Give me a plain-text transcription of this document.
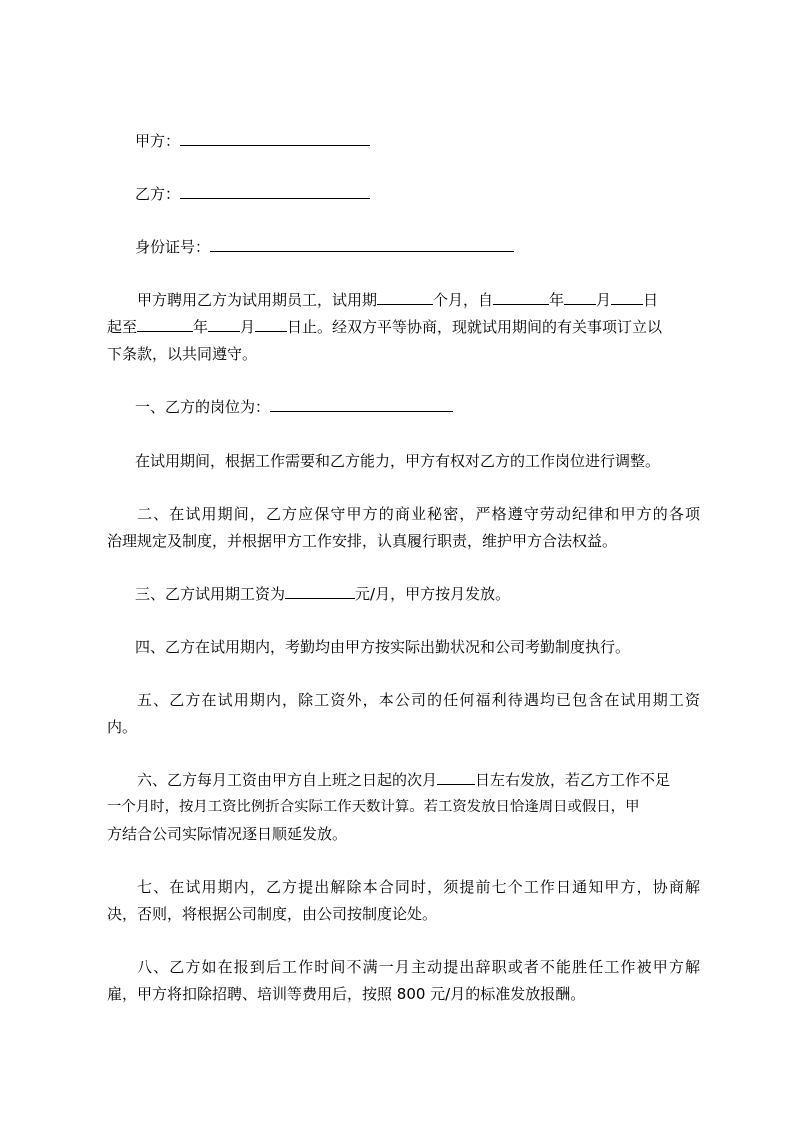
甲方：
乙方：
身份证号：
甲方聘用乙方为试用期员工，试用期	个月，自	年 月 日
起至	年 月 日止。经双方平等协商，现就试用期间的有关事项订立以
下条款，以共同遵守。
一、乙方的岗位为：
在试用期间，根据工作需要和乙方能力，甲方有权对乙方的工作岗位进行调整。
二、在试用期间，乙方应保守甲方的商业秘密，严格遵守劳动纪律和甲方的各项
治理规定及制度，并根据甲方工作安排，认真履行职责，维护甲方合法权益。
三、乙方试用期工资为	元/月，甲方按月发放。
四、乙方在试用期内，考勤均由甲方按实际出勤状况和公司考勤制度执行。
五、乙方在试用期内，除工资外，本公司的任何福利待遇均已包含在试用期工资
内。
六、乙方每月工资由甲方自上班之日起的次月	日左右发放，若乙方工作不足
一个月时，按月工资比例折合实际工作天数计算。若工资发放日恰逢周日或假日，甲
方结合公司实际情况逐日顺延发放。
七、在试用期内，乙方提出解除本合同时，须提前七个工作日通知甲方，协商解
决，否则，将根据公司制度，由公司按制度论处。
八、乙方如在报到后工作时间不满一月主动提出辞职或者不能胜任工作被甲方解
雇，甲方将扣除招聘、培训等费用后，按照 800 元/月的标准发放报酬。
